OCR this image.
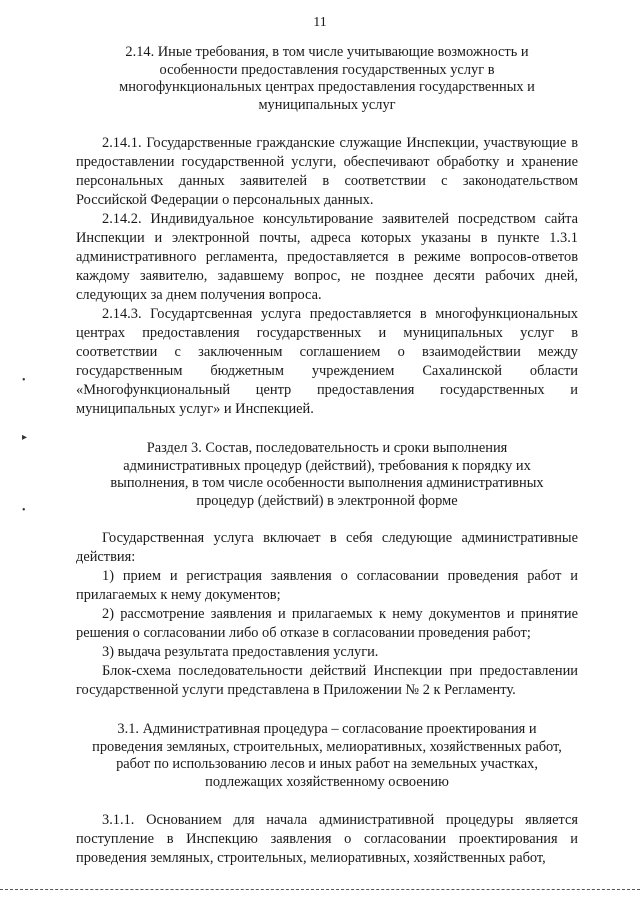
11
•
▸
•

2.14. Иные требования, в том числе учитывающие возможность и особенности предоставления государственных услуг в многофункциональных центрах предоставления государственных и муниципальных услуг

2.14.1. Государственные гражданские служащие Инспекции, участвующие в предоставлении государственной услуги, обеспечивают обработку и хранение персональных данных заявителей в соответствии с законодательством Российской Федерации о персональных данных.

2.14.2. Индивидуальное консультирование заявителей посредством сайта Инспекции и электронной почты, адреса которых указаны в пункте 1.3.1 административного регламента, предоставляется в режиме вопросов-ответов каждому заявителю, задавшему вопрос, не позднее десяти рабочих дней, следующих за днем получения вопроса.

2.14.3. Государтсвенная услуга предоставляется в многофункциональных центрах предоставления государственных и муниципальных услуг в соответствии с заключенным соглашением о взаимодействии между государственным бюджетным учреждением Сахалинской области «Многофункциональный центр предоставления государственных и муниципальных услуг» и Инспекцией.

Раздел 3. Состав, последовательность и сроки выполнения административных процедур (действий), требования к порядку их выполнения, в том числе особенности выполнения административных процедур (действий) в электронной форме

Государственная услуга включает в себя следующие административные действия:

1) прием и регистрация заявления о согласовании проведения работ и прилагаемых к нему документов;

2) рассмотрение заявления и прилагаемых к нему документов и принятие решения о согласовании либо об отказе в согласовании проведения работ;

3) выдача результата предоставления услуги.

Блок-схема последовательности действий Инспекции при предоставлении государственной услуги представлена в Приложении № 2 к Регламенту.

3.1. Административная процедура – согласование проектирования и проведения земляных, строительных, мелиоративных, хозяйственных работ, работ по использованию лесов и иных работ на земельных участках, подлежащих хозяйственному освоению

3.1.1. Основанием для начала административной процедуры является поступление в Инспекцию заявления о согласовании проектирования и проведения земляных, строительных, мелиоративных, хозяйственных работ,
